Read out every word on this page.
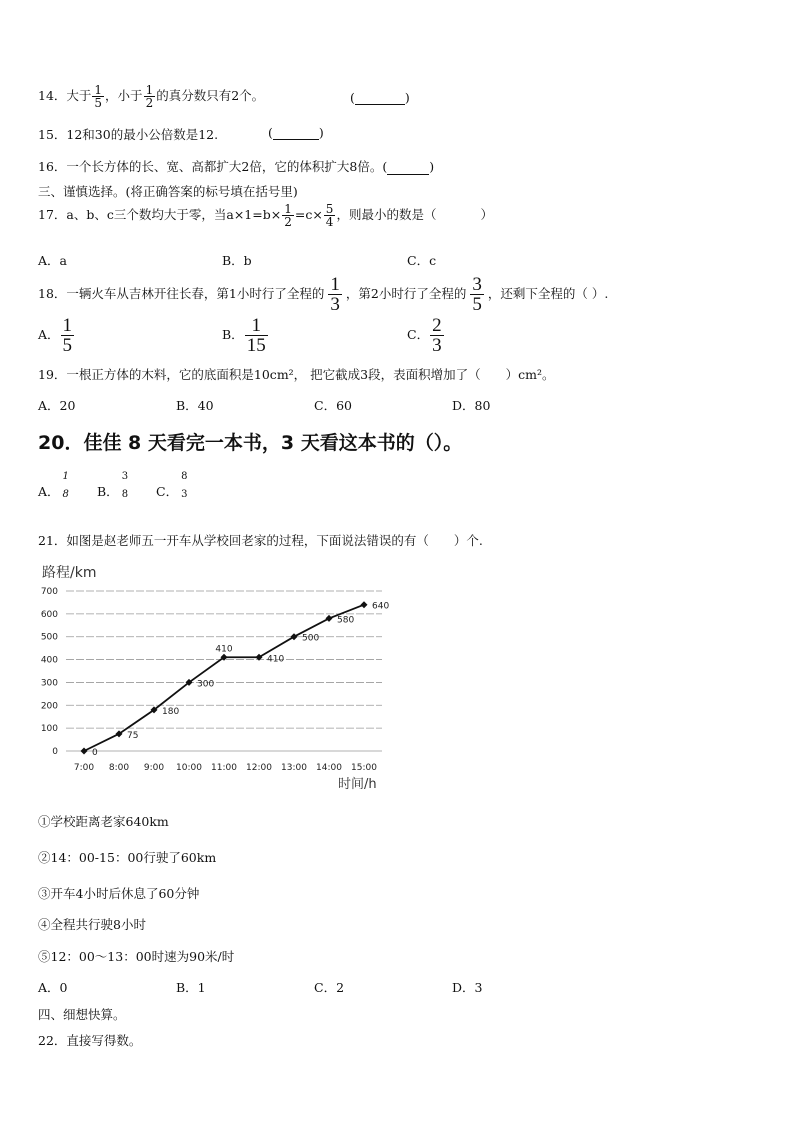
14．大于 $\frac{1}{5}$ ，小于 $\frac{1}{2}$ 的真分数只有2个。	(	)
15．12和30的最小公倍数是12.	(	)
16．一个长方体的长、宽、高都扩大2倍，它的体积扩大8倍。(	)
三、谨慎选择。(将正确答案的标号填在括号里)
17．a、b、c三个数均大于零，当$a\times 1=b\times \frac{1}{2} =c\times \frac{5}{4}$ ，则最小的数是（	）
A．a	B．b	C．c
18．一辆火车从吉林开往长春，第1小时行了全程的 $\frac{1}{3}$ ，第2小时行了全程的 $\frac{3}{5}$ ，还剩下全程的（ ）.
A． $\frac{1}{5}$	B． $\frac{1}{15}$	C． $\frac{2}{3}$
19．一根正方体的木料，它的底面积是10cm²， 把它截成3段，表面积增加了（　　）cm²。
A．20	B．40	C．60	D．80
20．佳佳 8 天看完一本书，3 天看这本书的（）。
A．
1
8 B．
3
8 C．
8
3
21．如图是赵老师五一开车从学校回老家的过程，下面说法错误的有（　　）个.
路程/km
0
100
200
300
400
500
600
700
7:00 8:00 9:00 10:00 11:00 12:00 13:00 14:00 15:00
时间/h
0
75
180
300
410
410
500
580
640
①学校距离老家640km
②14：00-15：00行驶了60km
③开车4小时后休息了60分钟
④全程共行驶8小时
⑤12：00～13：00时速为90米/时
A．0	B．1	C．2	D．3
四、细想快算。
22．直接写得数。
